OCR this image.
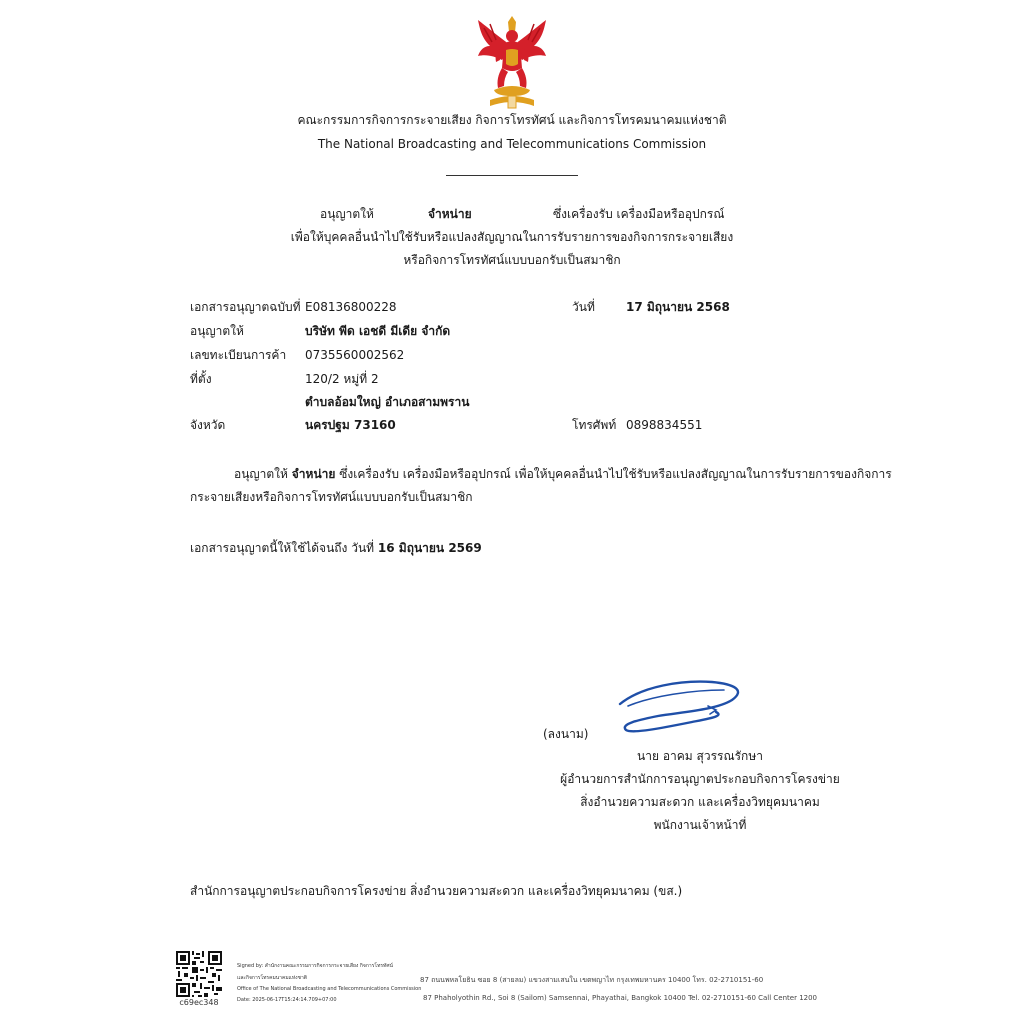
คณะกรรมการกิจการกระจายเสียง กิจการโทรทัศน์ และกิจการโทรคมนาคมแห่งชาติ
The National Broadcasting and Telecommunications Commission
อนุญาตให้	จำหน่าย	ซึ่งเครื่องรับ เครื่องมือหรืออุปกรณ์
เพื่อให้บุคคลอื่นนำไปใช้รับหรือแปลงสัญญาณในการรับรายการของกิจการกระจายเสียง
หรือกิจการโทรทัศน์แบบบอกรับเป็นสมาชิก
เอกสารอนุญาตฉบับที่ E08136800228	วันที่	17 มิถุนายน 2568
อนุญาตให้	บริษัท พีด เอชดี มีเดีย จำกัด
เลขทะเบียนการค้า 0735560002562
ที่ตั้ง	120/2 หมู่ที่ 2
ตำบลอ้อมใหญ่ อำเภอสามพราน
จังหวัด	นครปฐม 73160	โทรศัพท์ 0898834551
อนุญาตให้ จำหน่าย ซึ่งเครื่องรับ เครื่องมือหรืออุปกรณ์ เพื่อให้บุคคลอื่นนำไปใช้รับหรือแปลงสัญญาณในการรับรายการของกิจการ
กระจายเสียงหรือกิจการโทรทัศน์แบบบอกรับเป็นสมาชิก
เอกสารอนุญาตนี้ให้ใช้ได้จนถึง วันที่ 16 มิถุนายน 2569
(ลงนาม)
นาย อาคม สุวรรณรักษา
ผู้อำนวยการสำนักการอนุญาตประกอบกิจการโครงข่าย
สิ่งอำนวยความสะดวก และเครื่องวิทยุคมนาคม
พนักงานเจ้าหน้าที่
สำนักการอนุญาตประกอบกิจการโครงข่าย สิ่งอำนวยความสะดวก และเครื่องวิทยุคมนาคม (ขส.)
c69ec348
Signed by: สำนักงานคณะกรรมการกิจการกระจายเสียง กิจการโทรทัศน์
และกิจการโทรคมนาคมแห่งชาติ
Office of The National Broadcasting and Telecommunications Commission
Date: 2025-06-17T15:24:14.709+07:00
87 ถนนพหลโยธิน ซอย 8 (สายลม) แขวงสามเสนใน เขตพญาไท กรุงเทพมหานคร 10400 โทร. 02-2710151-60
87 Phaholyothin Rd., Soi 8 (Sailom) Samsennai, Phayathai, Bangkok 10400 Tel. 02-2710151-60 Call Center 1200
